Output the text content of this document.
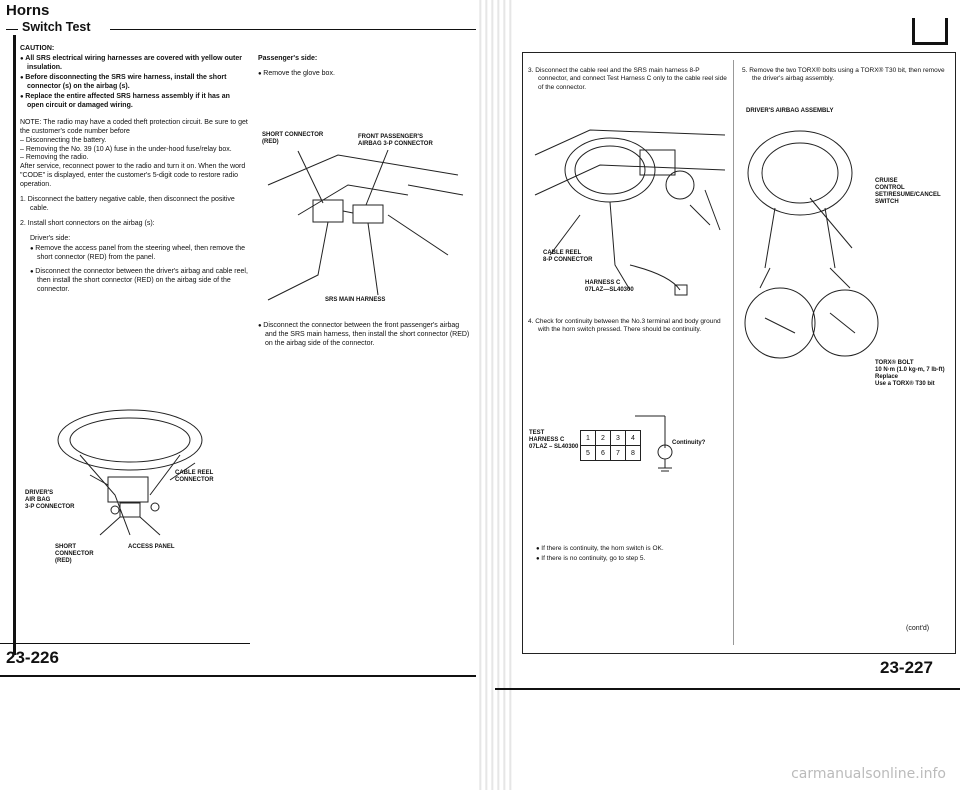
Horns
Switch Test

CAUTION:

● All SRS electrical wiring harnesses are covered with yellow outer insulation.

● Before disconnecting the SRS wire harness, install the short connector (s) on the airbag (s).

● Replace the entire affected SRS harness assembly if it has an open circuit or damaged wiring.

NOTE: The radio may have a coded theft protection circuit. Be sure to get the customer's code number before

– Disconnecting the battery.

– Removing the No. 39 (10 A) fuse in the under-hood fuse/relay box.

– Removing the radio.

After service, reconnect power to the radio and turn it on. When the word "CODE" is displayed, enter the customer's 5-digit code to restore radio operation.

1. Disconnect the battery negative cable, then disconnect the positive cable.

2. Install short connectors on the airbag (s):

Driver's side:

● Remove the access panel from the steering wheel, then remove the short connector (RED) from the panel.

● Disconnect the connector between the driver's airbag and cable reel, then install the short connector (RED) on the airbag side of the connector.

CABLE REEL
CONNECTOR
DRIVER'S
AIR BAG
3-P CONNECTOR
SHORT
CONNECTOR
(RED)
ACCESS PANEL

Passenger's side:

● Remove the glove box.

SHORT CONNECTOR
(RED)
FRONT PASSENGER'S
AIRBAG 3-P CONNECTOR
SRS MAIN HARNESS

● Disconnect the connector between the front passenger's airbag and the SRS main harness, then install the short connector (RED) on the airbag side of the connector.

23-226

3. Disconnect the cable reel and the SRS main harness 8-P connector, and connect Test Harness C only to the cable reel side of the connector.

CABLE REEL
8-P CONNECTOR
HARNESS C
07LAZ—SL40300

4. Check for continuity between the No.3 terminal and body ground with the horn switch pressed. There should be continuity.

TEST
HARNESS C
07LAZ – SL40300
1	2	3	4
5	6	7	8
Continuity?

● If there is continuity, the horn switch is OK.

● If there is no continuity, go to step 5.

5. Remove the two TORX® bolts using a TORX® T30 bit, then remove the driver's airbag assembly.

DRIVER'S AIRBAG ASSEMBLY
CRUISE
CONTROL
SET/RESUME/CANCEL
SWITCH
TORX® BOLT
10 N·m (1.0 kg-m, 7 lb-ft)
Replace
Use a TORX® T30 bit
(cont'd)
23-227
carmanualsonline.info
